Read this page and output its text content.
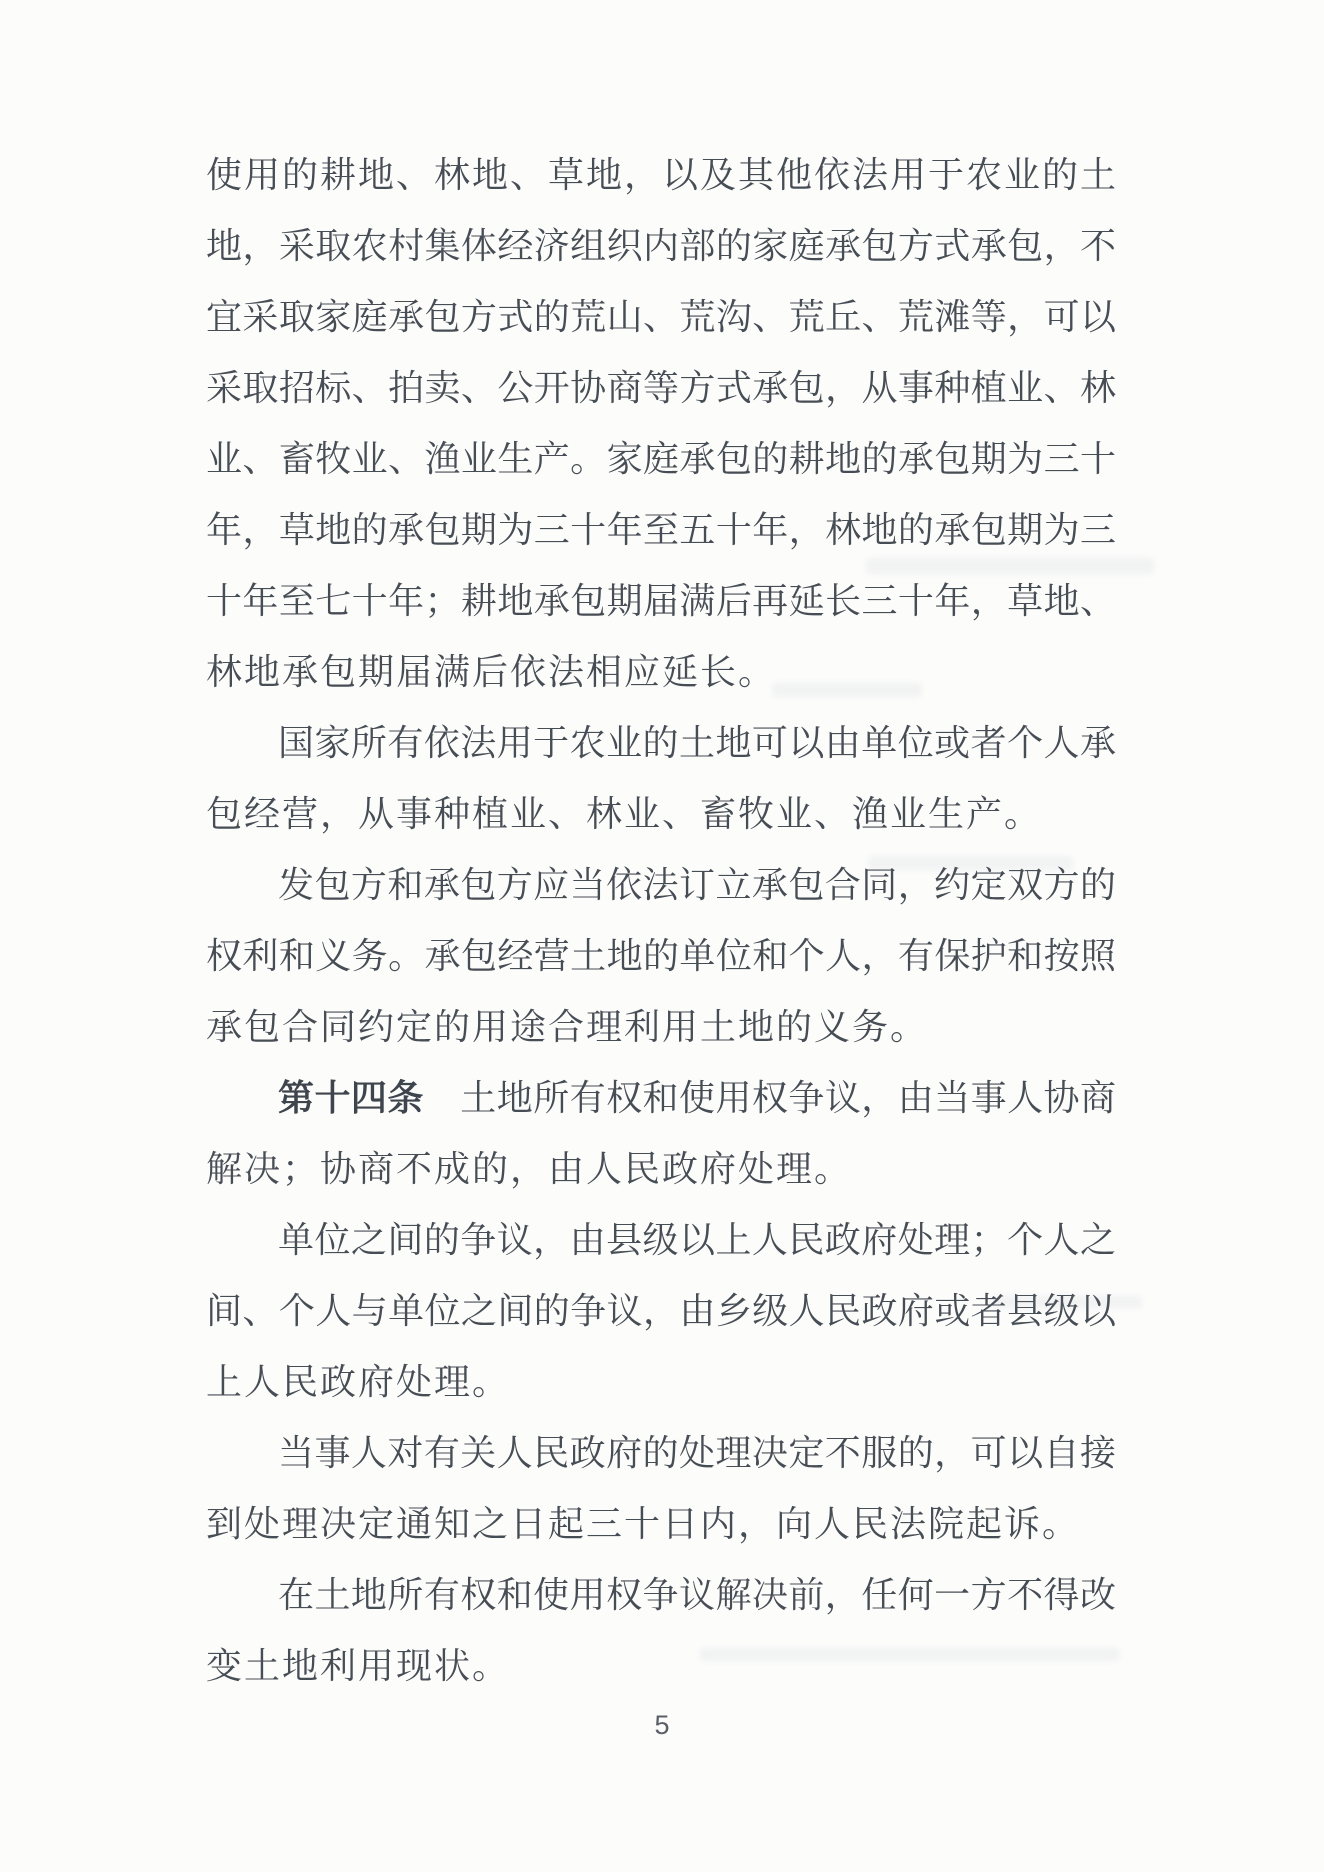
使用的耕地、林地、草地，以及其他依法用于农业的土
地，采取农村集体经济组织内部的家庭承包方式承包，不
宜采取家庭承包方式的荒山、荒沟、荒丘、荒滩等，可以
采取招标、拍卖、公开协商等方式承包，从事种植业、林
业、畜牧业、渔业生产。家庭承包的耕地的承包期为三十
年，草地的承包期为三十年至五十年，林地的承包期为三
十年至七十年；耕地承包期届满后再延长三十年，草地、
林地承包期届满后依法相应延长。
国家所有依法用于农业的土地可以由单位或者个人承
包经营，从事种植业、林业、畜牧业、渔业生产。
发包方和承包方应当依法订立承包合同，约定双方的
权利和义务。承包经营土地的单位和个人，有保护和按照
承包合同约定的用途合理利用土地的义务。
第十四条　土地所有权和使用权争议，由当事人协商
解决；协商不成的，由人民政府处理。
单位之间的争议，由县级以上人民政府处理；个人之
间、个人与单位之间的争议，由乡级人民政府或者县级以
上人民政府处理。
当事人对有关人民政府的处理决定不服的，可以自接
到处理决定通知之日起三十日内，向人民法院起诉。
在土地所有权和使用权争议解决前，任何一方不得改
变土地利用现状。
5
